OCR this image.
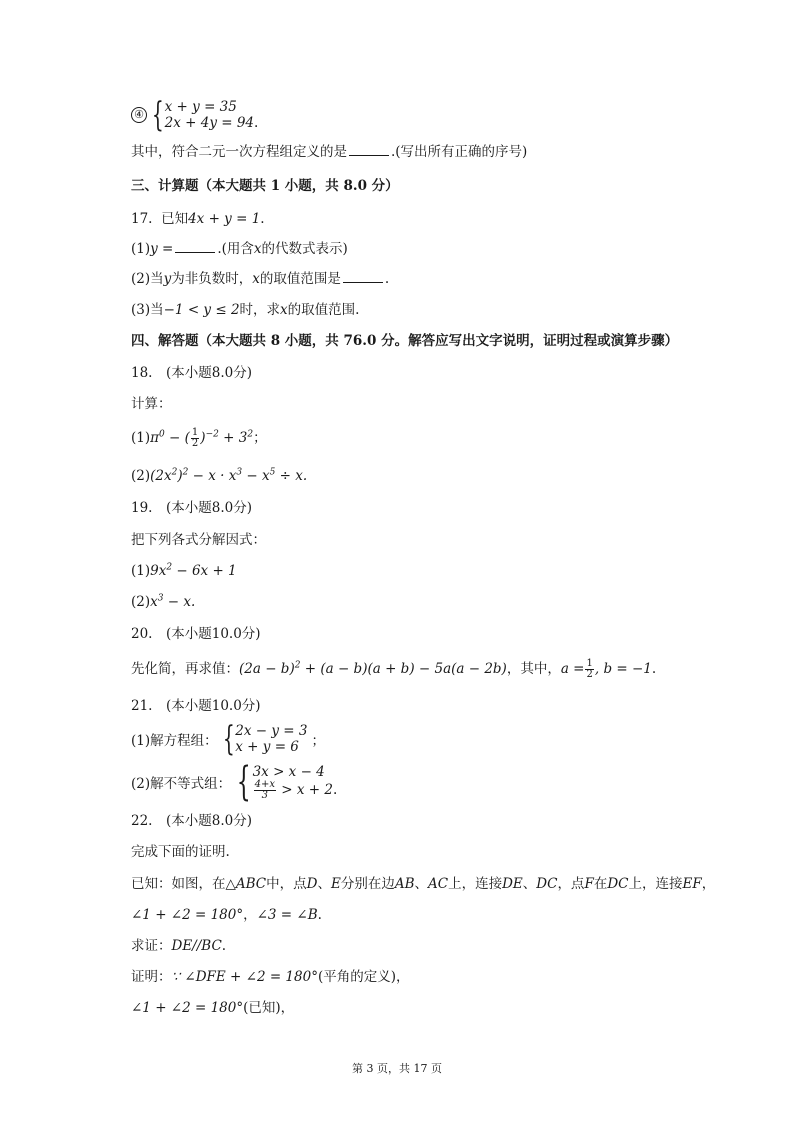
④ { x + y = 35
2x + 4y = 94.
其中，符合二元一次方程组定义的是	.(写出所有正确的序号)
三、计算题（本大题共 1 小题，共 8.0 分）
17. 已知4x + y = 1.
(1)y =	.(用含x的代数式表示)
(2)当y为非负数时，x的取值范围是	.
(3)当−1 < y ≤ 2时，求x的取值范围.
四、解答题（本大题共 8 小题，共 76.0 分。解答应写出文字说明，证明过程或演算步骤）
18.　(本小题8.0分)
计算：
$(1)\pi^0$ − ( $\frac{1}{2} )^{-2} + 3^2$；
$(2)(2x^2)^2 - x \cdot x^3 - x^5 \div x$.
19.　(本小题8.0分)
把下列各式分解因式：
$(1)9x^2 - 6x + 1$
$(2)x^3 - x$.
20.　(本小题10.0分)
先化简，再求值：$(2a - b)^2 + (a - b)(a + b) - 5a(a - 2b)$，其中，$a = \frac{1}{2}$ , b = −1.
21.　(本小题10.0分)
(1)解方程组： { 2x − y = 3
x + y = 6 ；
(2)解不等式组： { 3x > x − 4
$\frac{4+x}{3} > x + 2$.
22.　(本小题8.0分)
完成下面的证明.
已知：如图，在△ABC中，点D、E分别在边AB、AC上，连接DE、DC，点F在DC上，连接EF，
∠1 + ∠2 = 180°，∠3 = ∠B.
求证：DE//BC.
证明：∵ ∠DFE + ∠2 = 180°(平角的定义)，
∠1 + ∠2 = 180°(已知)，
第 3 页，共 17 页
